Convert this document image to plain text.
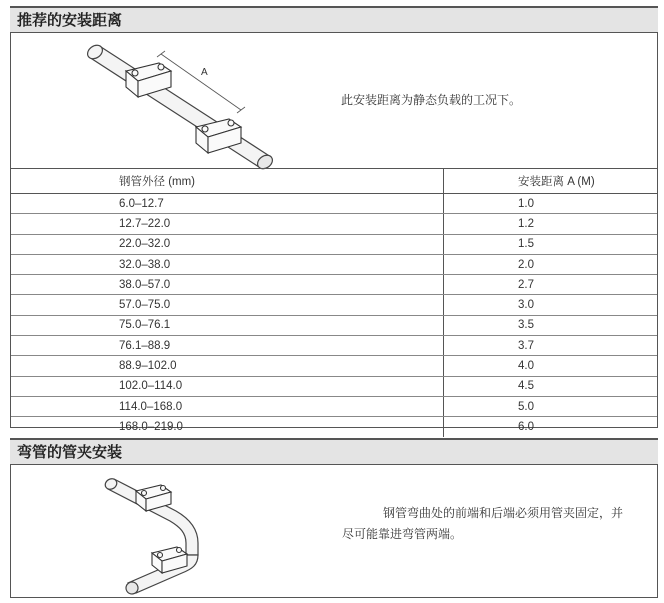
推荐的安装距离
A
此安装距离为静态负载的工况下。
钢管外径 (mm)	安装距离 A (M)
6.0–12.7	1.0
12.7–22.0	1.2
22.0–32.0	1.5
32.0–38.0	2.0
38.0–57.0	2.7
57.0–75.0	3.0
75.0–76.1	3.5
76.1–88.9	3.7
88.9–102.0	4.0
102.0–114.0	4.5
114.0–168.0	5.0
168.0–219.0	6.0
弯管的管夹安装
钢管弯曲处的前端和后端必须用管夹固定，并
尽可能靠进弯管两端。
